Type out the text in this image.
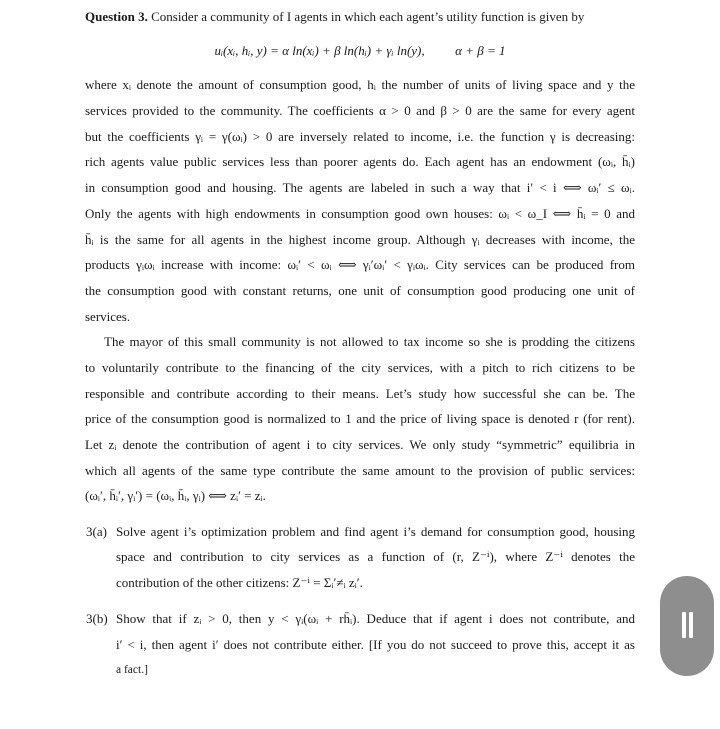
Question 3. Consider a community of I agents in which each agent’s utility function is given by
uᵢ(xᵢ, hᵢ, y) = α ln(xᵢ) + β ln(hᵢ) + γᵢ ln(y), α + β = 1
where xᵢ denote the amount of consumption good, hᵢ the number of units of living space and y the
services provided to the community. The coefficients α > 0 and β > 0 are the same for every agent
but the coefficients γᵢ = γ(ωᵢ) > 0 are inversely related to income, i.e. the function γ is decreasing:
rich agents value public services less than poorer agents do. Each agent has an endowment (ωᵢ, h̄ᵢ)
in consumption good and housing. The agents are labeled in such a way that i′ < i ⟺ ωᵢ′ ≤ ωᵢ.
Only the agents with high endowments in consumption good own houses: ωᵢ < ω_I ⟺ h̄ᵢ = 0 and
h̄ᵢ is the same for all agents in the highest income group. Although γᵢ decreases with income, the
products γᵢωᵢ increase with income: ωᵢ′ < ωᵢ ⟺ γᵢ′ωᵢ′ < γᵢωᵢ. City services can be produced from
the consumption good with constant returns, one unit of consumption good producing one unit of
services.
The mayor of this small community is not allowed to tax income so she is prodding the citizens
to voluntarily contribute to the financing of the city services, with a pitch to rich citizens to be
responsible and contribute according to their means. Let’s study how successful she can be. The
price of the consumption good is normalized to 1 and the price of living space is denoted r (for rent).
Let zᵢ denote the contribution of agent i to city services. We only study “symmetric” equilibria in
which all agents of the same type contribute the same amount to the provision of public services:
(ωᵢ′, h̄ᵢ′, γᵢ′) = (ωᵢ, h̄ᵢ, γᵢ) ⟺ zᵢ′ = zᵢ.
3(a) Solve agent i’s optimization problem and find agent i’s demand for consumption good, housing
space and contribution to city services as a function of (r, Z⁻ⁱ), where Z⁻ⁱ denotes the
contribution of the other citizens: Z⁻ⁱ = Σᵢ′≠ᵢ zᵢ′.
3(b) Show that if zᵢ > 0, then y < γᵢ(ωᵢ + rh̄ᵢ). Deduce that if agent i does not contribute, and
i′ < i, then agent i′ does not contribute either. [If you do not succeed to prove this, accept it as
a fact.]
